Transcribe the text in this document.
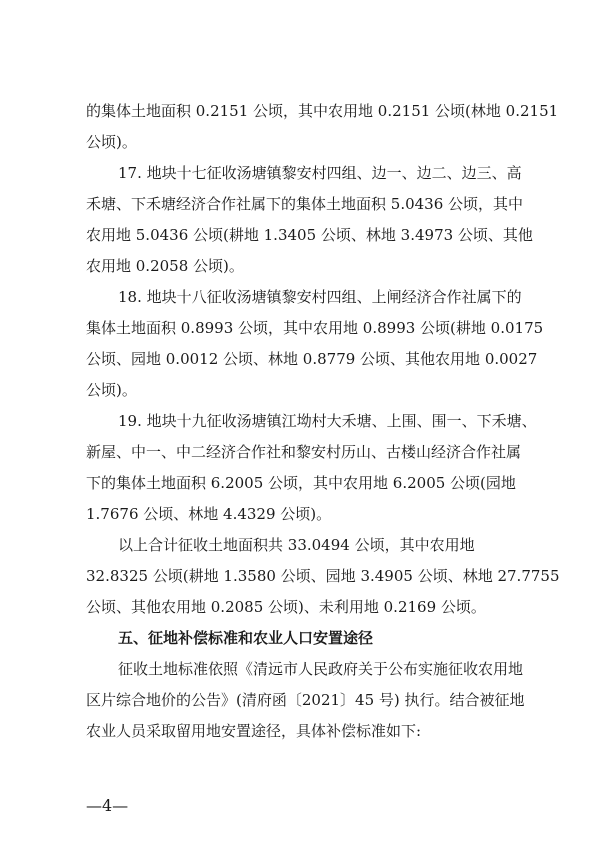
的集体土地面积 0.2151 公顷，其中农用地 0.2151 公顷(林地 0.2151
公顷)。
17. 地块十七征收汤塘镇黎安村四组、边一、边二、边三、高
禾塘、下禾塘经济合作社属下的集体土地面积 5.0436 公顷，其中
农用地 5.0436 公顷(耕地 1.3405 公顷、林地 3.4973 公顷、其他
农用地 0.2058 公顷)。
18. 地块十八征收汤塘镇黎安村四组、上闸经济合作社属下的
集体土地面积 0.8993 公顷，其中农用地 0.8993 公顷(耕地 0.0175
公顷、园地 0.0012 公顷、林地 0.8779 公顷、其他农用地 0.0027
公顷)。
19. 地块十九征收汤塘镇江坳村大禾塘、上围、围一、下禾塘、
新屋、中一、中二经济合作社和黎安村历山、古楼山经济合作社属
下的集体土地面积 6.2005 公顷，其中农用地 6.2005 公顷(园地
1.7676 公顷、林地 4.4329 公顷)。
以上合计征收土地面积共 33.0494 公顷，其中农用地
32.8325 公顷(耕地 1.3580 公顷、园地 3.4905 公顷、林地 27.7755
公顷、其他农用地 0.2085 公顷)、未利用地 0.2169 公顷。
五、征地补偿标准和农业人口安置途径
征收土地标准依照《清远市人民政府关于公布实施征收农用地
区片综合地价的公告》(清府函〔2021〕45 号) 执行。结合被征地
农业人员采取留用地安置途径，具体补偿标准如下:
—4—
